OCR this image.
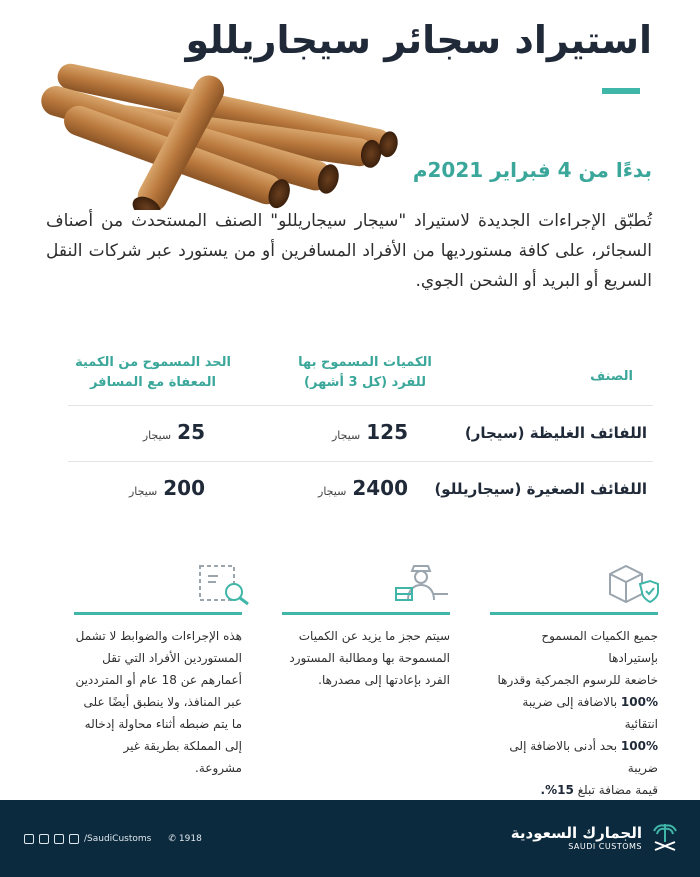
استيراد سجائر سيجاريللو
بدءًا من 4 فبراير 2021م
تُطبّق الإجراءات الجديدة لاستيراد "سيجار سيجاريللو" الصنف المستحدث من أصناف السجائر، على كافة مستورديها من الأفراد المسافرين أو من يستورد عبر شركات النقل السريع أو البريد أو الشحن الجوي.
الصنف
الكميات المسموح بها
للفرد (كل 3 أشهر)
الحد المسموح من الكمية
المعفاة مع المسافر
اللفائف الغليظة (سيجار)
125
سيجار
25
سيجار
اللفائف الصغيرة (سيجاريللو)
2400
سيجار
200
سيجار
جميع الكميات المسموح بإستيرادها
خاضعة للرسوم الجمركية وقدرها
100% بالاضافة إلى ضريبة انتقائية
100% بحد أدنى بالاضافة إلى ضريبة
قيمة مضافة تبلغ 15%.
سيتم حجز ما يزيد عن الكميات المسموحة بها ومطالبة المستورد الفرد بإعادتها إلى مصدرها.
هذه الإجراءات والضوابط لا تشمل المستوردين الأفراد التي تقل أعمارهم عن 18 عام أو المترددين عبر المنافذ، ولا ينطبق أيضًا على ما يتم ضبطه أثناء محاولة إدخاله إلى المملكة بطريقة غير مشروعة.
الجمارك السعودية
SAUDI CUSTOMS
/SaudiCustoms ✆ 1918
